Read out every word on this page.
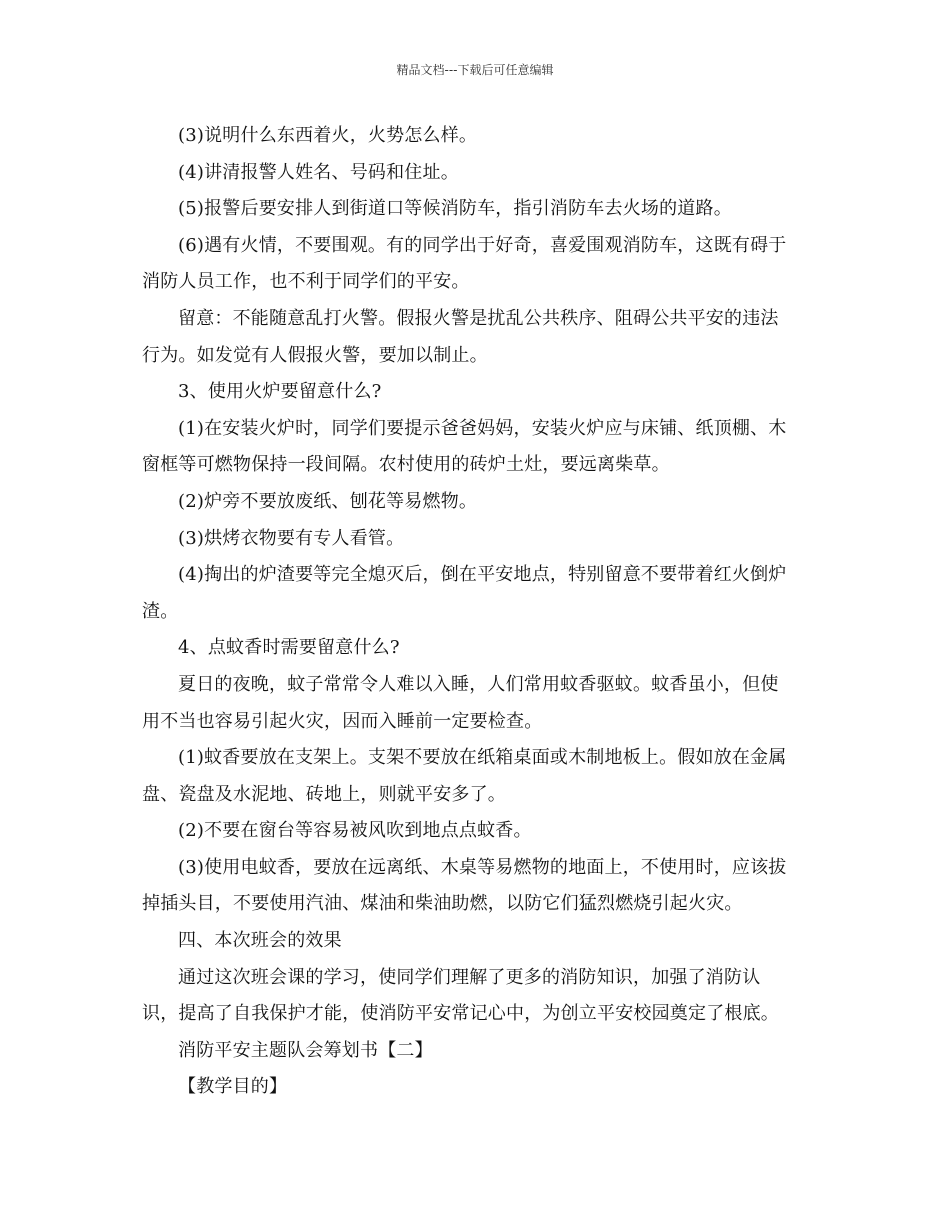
精品文档---下载后可任意编辑

(3)说明什么东西着火，火势怎么样。

(4)讲清报警人姓名、号码和住址。

(5)报警后要安排人到街道口等候消防车，指引消防车去火场的道路。

(6)遇有火情，不要围观。有的同学出于好奇，喜爱围观消防车，这既有碍于

消防人员工作，也不利于同学们的平安。

留意：不能随意乱打火警。假报火警是扰乱公共秩序、阻碍公共平安的违法

行为。如发觉有人假报火警，要加以制止。

3、使用火炉要留意什么?

(1)在安装火炉时，同学们要提示爸爸妈妈，安装火炉应与床铺、纸顶棚、木

窗框等可燃物保持一段间隔。农村使用的砖炉土灶，要远离柴草。

(2)炉旁不要放废纸、刨花等易燃物。

(3)烘烤衣物要有专人看管。

(4)掏出的炉渣要等完全熄灭后，倒在平安地点，特别留意不要带着红火倒炉

渣。

4、点蚊香时需要留意什么?

夏日的夜晚，蚊子常常令人难以入睡，人们常用蚊香驱蚊。蚊香虽小，但使

用不当也容易引起火灾，因而入睡前一定要检查。

(1)蚊香要放在支架上。支架不要放在纸箱桌面或木制地板上。假如放在金属

盘、瓷盘及水泥地、砖地上，则就平安多了。

(2)不要在窗台等容易被风吹到地点点蚊香。

(3)使用电蚊香，要放在远离纸、木桌等易燃物的地面上，不使用时，应该拔

掉插头目，不要使用汽油、煤油和柴油助燃，以防它们猛烈燃烧引起火灾。

四、本次班会的效果

通过这次班会课的学习，使同学们理解了更多的消防知识，加强了消防认

识，提高了自我保护才能，使消防平安常记心中，为创立平安校园奠定了根底。

消防平安主题队会筹划书【二】

【教学目的】
